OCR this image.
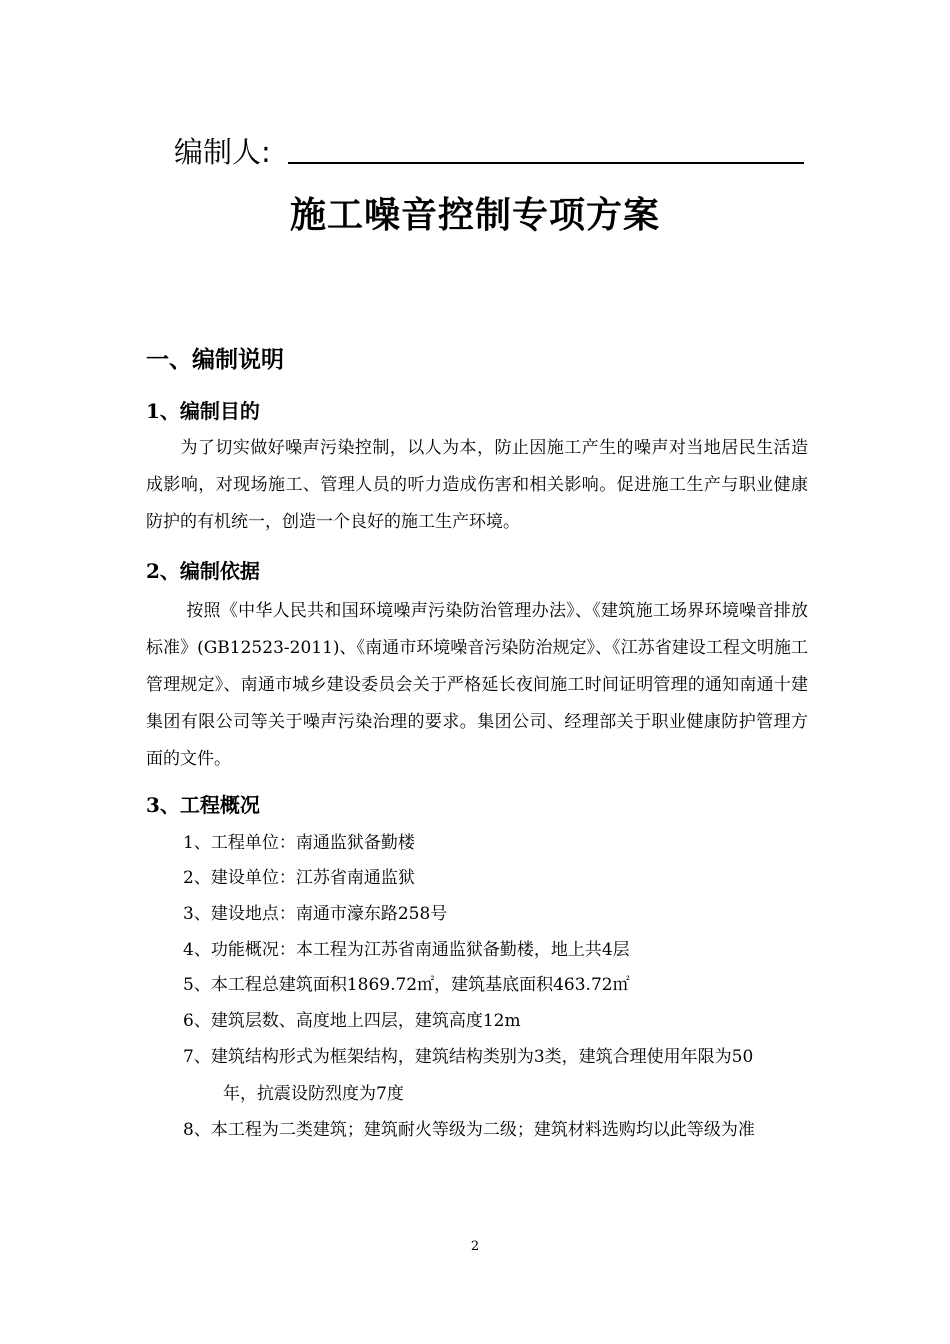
编制人:
施工噪音控制专项方案
一、编制说明
1、编制目的
为了切实做好噪声污染控制，以人为本，防止因施工产生的噪声对当地居民生活造成影响，对现场施工、管理人员的听力造成伤害和相关影响。促进施工生产与职业健康防护的有机统一，创造一个良好的施工生产环境。
2、编制依据
按照《中华人民共和国环境噪声污染防治管理办法》、《建筑施工场界环境噪音排放标准》(GB12523-2011)、《南通市环境噪音污染防治规定》、《江苏省建设工程文明施工管理规定》、南通市城乡建设委员会关于严格延长夜间施工时间证明管理的通知南通十建集团有限公司等关于噪声污染治理的要求。集团公司、经理部关于职业健康防护管理方面的文件。
3、工程概况
1、工程单位：南通监狱备勤楼
2、建设单位：江苏省南通监狱
3、建设地点：南通市濠东路258号
4、功能概况：本工程为江苏省南通监狱备勤楼，地上共4层
5、本工程总建筑面积1869.72㎡，建筑基底面积463.72㎡
6、建筑层数、高度地上四层，建筑高度12m
7、建筑结构形式为框架结构，建筑结构类别为3类，建筑合理使用年限为50
年，抗震设防烈度为7度
8、本工程为二类建筑；建筑耐火等级为二级；建筑材料选购均以此等级为准
2
